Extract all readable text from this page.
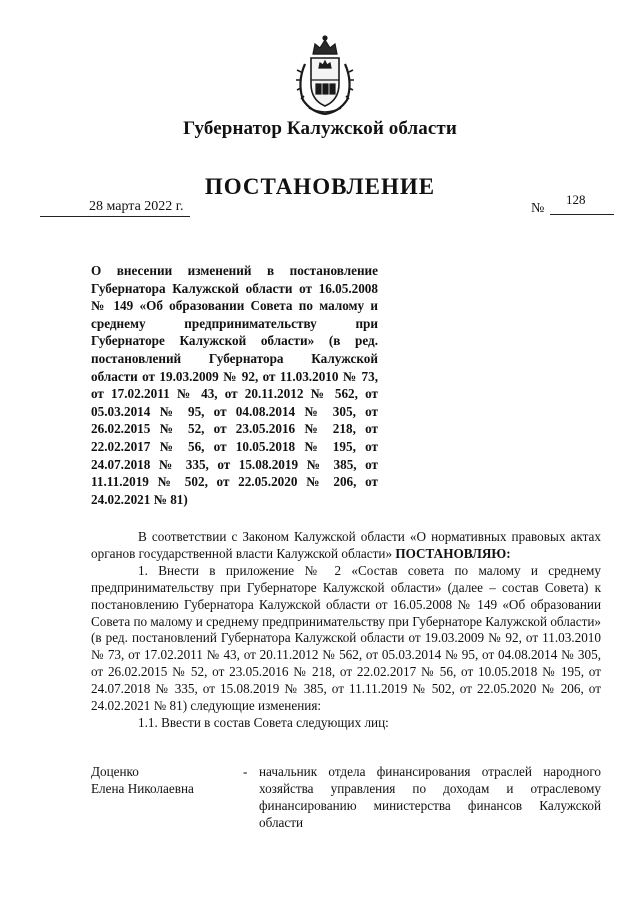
Губернатор Калужской области
ПОСТАНОВЛЕНИЕ
28 марта 2022 г.	№
128
О внесении изменений в постановление Губернатора Калужской области от 16.05.2008 № 149 «Об образовании Совета по малому и среднему предпринимательству при Губернаторе Калужской области» (в ред. постановлений Губернатора Калужской области от 19.03.2009 № 92, от 11.03.2010 № 73, от 17.02.2011 № 43, от 20.11.2012 № 562, от 05.03.2014 № 95, от 04.08.2014 № 305, от 26.02.2015 № 52, от 23.05.2016 № 218, от 22.02.2017 № 56, от 10.05.2018 № 195, от 24.07.2018 № 335, от 15.08.2019 № 385, от 11.11.2019 № 502, от 22.05.2020 № 206, от 24.02.2021 № 81)

В соответствии с Законом Калужской области «О нормативных правовых актах органов государственной власти Калужской области» ПОСТАНОВЛЯЮ:

1. Внести в приложение № 2 «Состав совета по малому и среднему предпринимательству при Губернаторе Калужской области» (далее – состав Совета) к постановлению Губернатора Калужской области от 16.05.2008 № 149 «Об образовании Совета по малому и среднему предпринимательству при Губернаторе Калужской области» (в ред. постановлений Губернатора Калужской области от 19.03.2009 № 92, от 11.03.2010 № 73, от 17.02.2011 № 43, от 20.11.2012 № 562, от 05.03.2014 № 95, от 04.08.2014 № 305, от 26.02.2015 № 52, от 23.05.2016 № 218, от 22.02.2017 № 56, от 10.05.2018 № 195, от 24.07.2018 № 335, от 15.08.2019 № 385, от 11.11.2019 № 502, от 22.05.2020 № 206, от 24.02.2021 № 81) следующие изменения:

1.1. Ввести в состав Совета следующих лиц:

Доценко
Елена Николаевна
- начальник отдела финансирования отраслей народного хозяйства управления по доходам и отраслевому финансированию министерства финансов Калужской области
